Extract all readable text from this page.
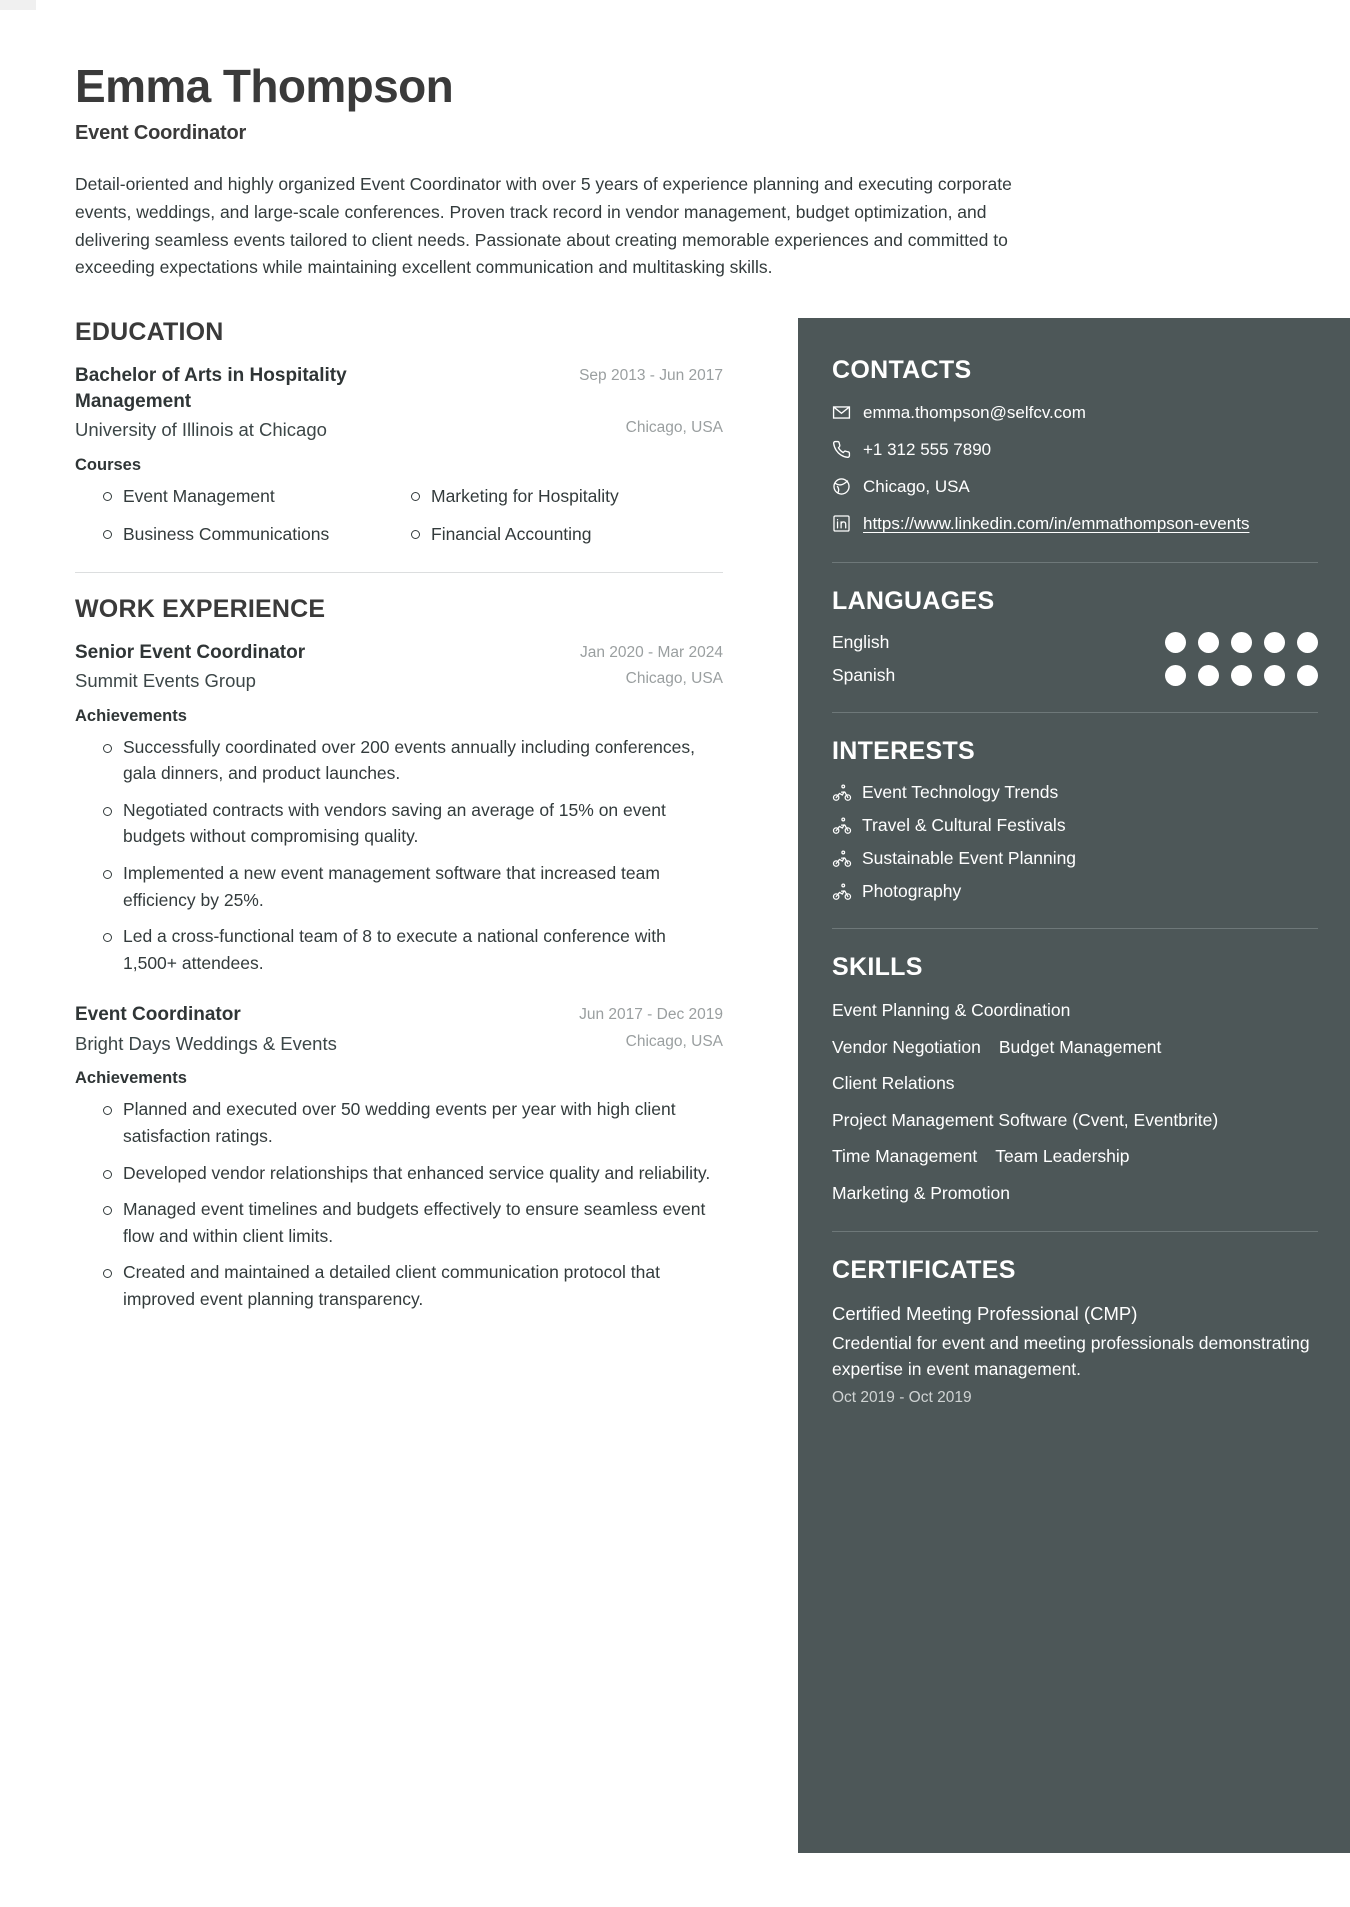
Emma Thompson
Event Coordinator
Detail-oriented and highly organized Event Coordinator with over 5 years of experience planning and executing corporate events, weddings, and large-scale conferences. Proven track record in vendor management, budget optimization, and delivering seamless events tailored to client needs. Passionate about creating memorable experiences and committed to exceeding expectations while maintaining excellent communication and multitasking skills.
EDUCATION
Bachelor of Arts in Hospitality Management
Sep 2013 - Jun 2017
University of Illinois at Chicago	Chicago, USA
Courses
Event Management	Marketing for Hospitality
Business Communications	Financial Accounting
WORK EXPERIENCE
Senior Event Coordinator	Jan 2020 - Mar 2024
Summit Events Group	Chicago, USA
Achievements
Successfully coordinated over 200 events annually including conferences, gala dinners, and product launches.
Negotiated contracts with vendors saving an average of 15% on event budgets without compromising quality.
Implemented a new event management software that increased team efficiency by 25%.
Led a cross-functional team of 8 to execute a national conference with 1,500+ attendees.
Event Coordinator	Jun 2017 - Dec 2019
Bright Days Weddings & Events	Chicago, USA
Achievements
Planned and executed over 50 wedding events per year with high client satisfaction ratings.
Developed vendor relationships that enhanced service quality and reliability.
Managed event timelines and budgets effectively to ensure seamless event flow and within client limits.
Created and maintained a detailed client communication protocol that improved event planning transparency.
CONTACTS
emma.thompson@selfcv.com
+1 312 555 7890
Chicago, USA
https://www.linkedin.com/in/emmathompson-events
LANGUAGES
English
Spanish
INTERESTS
Event Technology Trends
Travel & Cultural Festivals
Sustainable Event Planning
Photography
SKILLS
Event Planning & Coordination
Vendor Negotiation Budget Management
Client Relations
Project Management Software (Cvent, Eventbrite)
Time Management Team Leadership
Marketing & Promotion
CERTIFICATES
Certified Meeting Professional (CMP)
Credential for event and meeting professionals demonstrating expertise in event management.
Oct 2019 - Oct 2019
